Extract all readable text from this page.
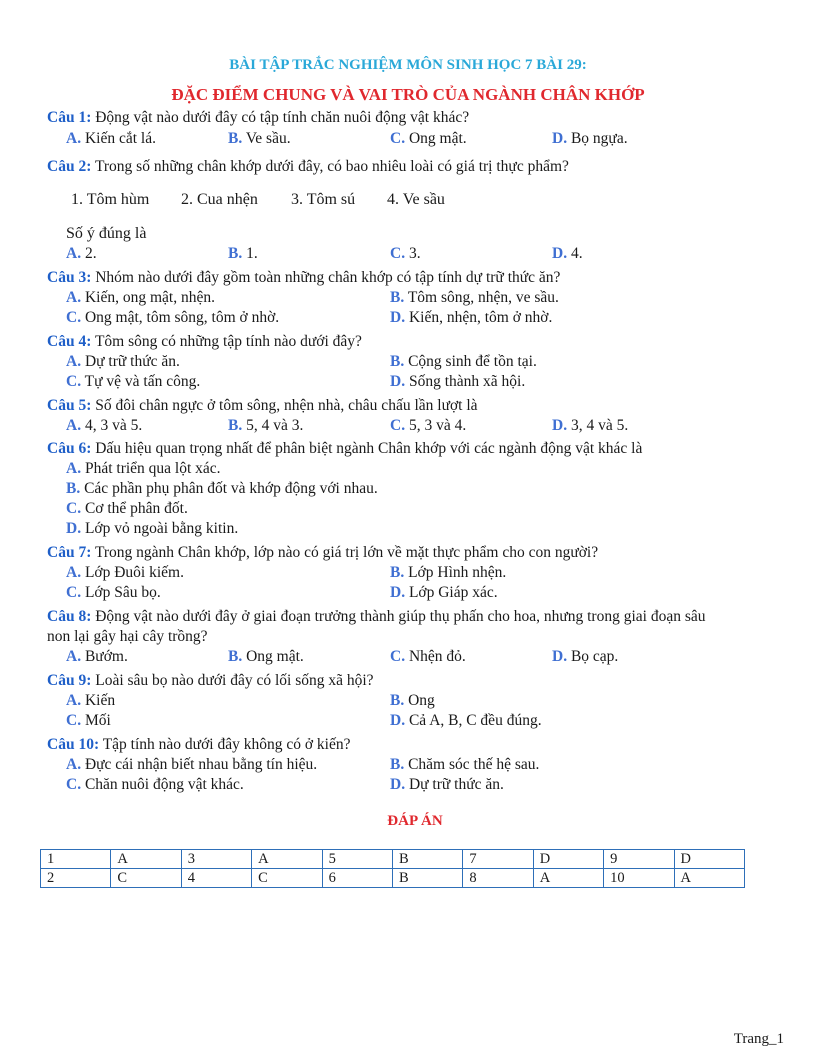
BÀI TẬP TRẮC NGHIỆM MÔN SINH HỌC 7 BÀI 29:
ĐẶC ĐIỂM CHUNG VÀ VAI TRÒ CỦA NGÀNH CHÂN KHỚP
Câu 1: Động vật nào dưới đây có tập tính chăn nuôi động vật khác?
A. Kiến cắt lá.	B. Ve sầu.	C. Ong mật.	D. Bọ ngựa.
Câu 2: Trong số những chân khớp dưới đây, có bao nhiêu loài có giá trị thực phẩm?
1. Tôm hùm 2. Cua nhện 3. Tôm sú 4. Ve sầu
Số ý đúng là
A. 2.	B. 1.	C. 3.	D. 4.
Câu 3: Nhóm nào dưới đây gồm toàn những chân khớp có tập tính dự trữ thức ăn?
A. Kiến, ong mật, nhện.	B. Tôm sông, nhện, ve sầu.
C. Ong mật, tôm sông, tôm ở nhờ.	D. Kiến, nhện, tôm ở nhờ.
Câu 4: Tôm sông có những tập tính nào dưới đây?
A. Dự trữ thức ăn.	B. Cộng sinh để tồn tại.
C. Tự vệ và tấn công.	D. Sống thành xã hội.
Câu 5: Số đôi chân ngực ở tôm sông, nhện nhà, châu chấu lần lượt là
A. 4, 3 và 5.	B. 5, 4 và 3.	C. 5, 3 và 4.	D. 3, 4 và 5.
Câu 6: Dấu hiệu quan trọng nhất để phân biệt ngành Chân khớp với các ngành động vật khác là
A. Phát triển qua lột xác.
B. Các phần phụ phân đốt và khớp động với nhau.
C. Cơ thể phân đốt.
D. Lớp vỏ ngoài bằng kitin.
Câu 7: Trong ngành Chân khớp, lớp nào có giá trị lớn về mặt thực phẩm cho con người?
A. Lớp Đuôi kiếm.	B. Lớp Hình nhện.
C. Lớp Sâu bọ.	D. Lớp Giáp xác.
Câu 8: Động vật nào dưới đây ở giai đoạn trưởng thành giúp thụ phấn cho hoa, nhưng trong giai đoạn sâu
non lại gây hại cây trồng?
A. Bướm.	B. Ong mật.	C. Nhện đỏ.	D. Bọ cạp.
Câu 9: Loài sâu bọ nào dưới đây có lối sống xã hội?
A. Kiến	B. Ong
C. Mối	D. Cả A, B, C đều đúng.
Câu 10: Tập tính nào dưới đây không có ở kiến?
A. Đực cái nhận biết nhau bằng tín hiệu.	B. Chăm sóc thế hệ sau.
C. Chăn nuôi động vật khác.	D. Dự trữ thức ăn.
ĐÁP ÁN
1	A	3	A	5	B	7	D	9	D
2	C	4	C	6	B	8	A	10	A
Trang_1
